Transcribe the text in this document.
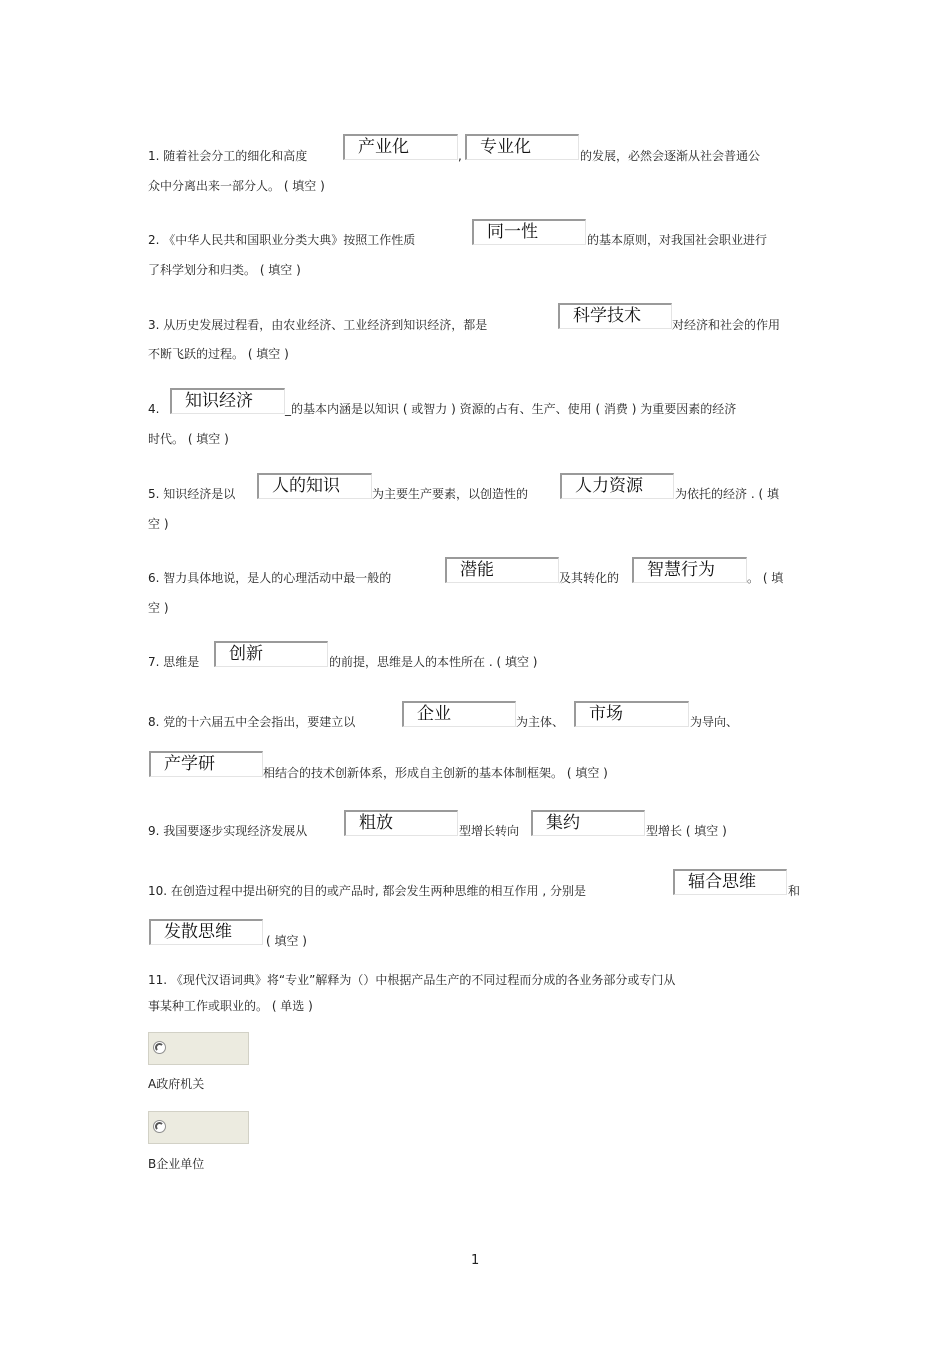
1. 随着社会分工的细化和高度	产业化	, 专业化	的发展，必然会逐渐从社会普通公
众中分离出来一部分人。 ( 填空 )
2. 《中华人民共和国职业分类大典》按照工作性质	同一性	的基本原则，对我国社会职业进行
了科学划分和归类。 ( 填空 )
3. 从历史发展过程看，由农业经济、工业经济到知识经济，都是	科学技术	对经济和社会的作用
不断飞跃的过程。 ( 填空 )
4. 知识经济	_的基本内涵是以知识 ( 或智力 ) 资源的占有、生产、使用 ( 消费 ) 为重要因素的经济
时代。 ( 填空 )
5. 知识经济是以 人的知识	为主要生产要素，以创造性的	人力资源	为依托的经济 . ( 填
空 )
6. 智力具体地说，是人的心理活动中最一般的	潜能	及其转化的 智慧行为	。 ( 填
空 )
7. 思维是 创新	的前提，思维是人的本性所在 . ( 填空 )
8. 党的十六届五中全会指出，要建立以	企业	为主体、 市场	为导向、
产学研	相结合的技术创新体系，形成自主创新的基本体制框架。 ( 填空 )
9. 我国要逐步实现经济发展从	粗放	型增长转向 集约	型增长 ( 填空 )
10. 在创造过程中提出研究的目的或产品时, 都会发生两种思维的相互作用 , 分别是	辐合思维	和
发散思维	( 填空 )
11. 《现代汉语词典》将“专业”解释为（）中根据产品生产的不同过程而分成的各业务部分或专门从
事某种工作或职业的。 ( 单选 )
A政府机关
B企业单位
1
